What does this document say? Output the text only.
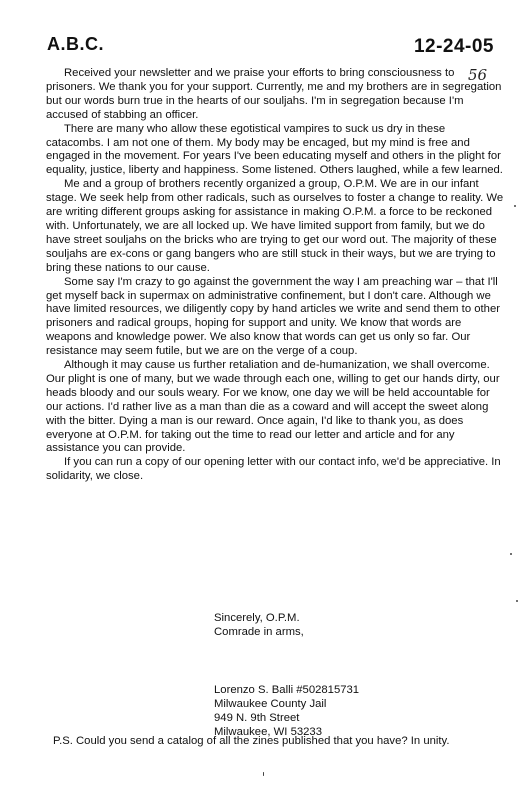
A.B.C.	12-24-05
56

Received your newsletter and we praise your efforts to bring consciousness to prisoners. We thank you for your support. Currently, me and my brothers are in segregation but our words burn true in the hearts of our souljahs. I'm in segregation because I'm accused of stabbing an officer.

There are many who allow these egotistical vampires to suck us dry in these catacombs. I am not one of them. My body may be encaged, but my mind is free and engaged in the movement. For years I've been educating myself and others in the plight for equality, justice, liberty and happiness. Some listened. Others laughed, while a few learned.

Me and a group of brothers recently organized a group, O.P.M. We are in our infant stage. We seek help from other radicals, such as ourselves to foster a change to reality. We are writing different groups asking for assistance in making O.P.M. a force to be reckoned with. Unfortunately, we are all locked up. We have limited support from family, but we do have street souljahs on the bricks who are trying to get our word out. The majority of these souljahs are ex-cons or gang bangers who are still stuck in their ways, but we are trying to bring these nations to our cause.

Some say I'm crazy to go against the government the way I am preaching war – that I'll get myself back in supermax on administrative confinement, but I don't care. Although we have limited resources, we diligently copy by hand articles we write and send them to other prisoners and radical groups, hoping for support and unity. We know that words are weapons and knowledge power. We also know that words can get us only so far. Our resistance may seem futile, but we are on the verge of a coup.

Although it may cause us further retaliation and de-humanization, we shall overcome. Our plight is one of many, but we wade through each one, willing to get our hands dirty, our heads bloody and our souls weary. For we know, one day we will be held accountable for our actions. I'd rather live as a man than die as a coward and will accept the sweet along with the bitter. Dying a man is our reward. Once again, I'd like to thank you, as does everyone at O.P.M. for taking out the time to read our letter and article and for any assistance you can provide.

If you can run a copy of our opening letter with our contact info, we'd be appreciative. In solidarity, we close.

Sincerely, O.P.M.
Comrade in arms,
Lorenzo S. Balli #502815731
Milwaukee County Jail
949 N. 9th Street
Milwaukee, WI 53233
P.S. Could you send a catalog of all the zines published that you have? In unity.
